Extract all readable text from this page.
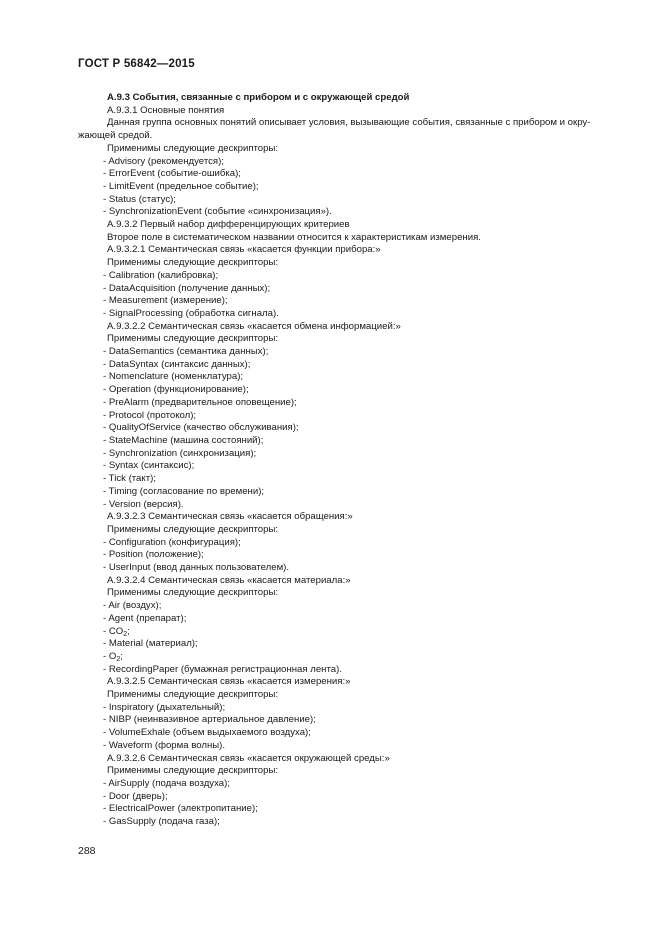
ГОСТ Р 56842—2015
A.9.3 События, связанные с прибором и с окружающей средой
A.9.3.1 Основные понятия
Данная группа основных понятий описывает условия, вызывающие события, связанные с прибором и окру-
жающей средой.
Применимы следующие дескрипторы:
- Advisory (рекомендуется);
- ErrorEvent (событие-ошибка);
- LimitEvent (предельное событие);
- Status (статус);
- SynchronizationEvent (событие «синхронизация»).
A.9.3.2 Первый набор дифференцирующих критериев
Второе поле в систематическом названии относится к характеристикам измерения.
A.9.3.2.1 Семантическая связь «касается функции прибора:»
Применимы следующие дескрипторы:
- Calibration (калибровка);
- DataAcquisition (получение данных);
- Measurement (измерение);
- SignalProcessing (обработка сигнала).
A.9.3.2.2 Семантическая связь «касается обмена информацией:»
Применимы следующие дескрипторы:
- DataSemantics (семантика данных);
- DataSyntax (синтаксис данных);
- Nomenclature (номенклатура);
- Operation (функционирование);
- PreAlarm (предварительное оповещение);
- Protocol (протокол);
- QualityOfService (качество обслуживания);
- StateMachine (машина состояний);
- Synchronization (синхронизация);
- Syntax (синтаксис);
- Tick (такт);
- Timing (согласование по времени);
- Version (версия).
A.9.3.2.3 Семантическая связь «касается обращения:»
Применимы следующие дескрипторы:
- Configuration (конфигурация);
- Position (положение);
- UserInput (ввод данных пользователем).
A.9.3.2.4 Семантическая связь «касается материала:»
Применимы следующие дескрипторы:
- Air (воздух);
- Agent (препарат);
- $CO_2$;
- Material (материал);
- $O_2$;
- RecordingPaper (бумажная регистрационная лента).
A.9.3.2.5 Семантическая связь «касается измерения:»
Применимы следующие дескрипторы:
- Inspiratory (дыхательный);
- NIBP (неинвазивное артериальное давление);
- VolumeExhale (объем выдыхаемого воздуха);
- Waveform (форма волны).
A.9.3.2.6 Семантическая связь «касается окружающей среды:»
Применимы следующие дескрипторы:
- AirSupply (подача воздуха);
- Door (дверь);
- ElectricalPower (электропитание);
- GasSupply (подача газа);
288
